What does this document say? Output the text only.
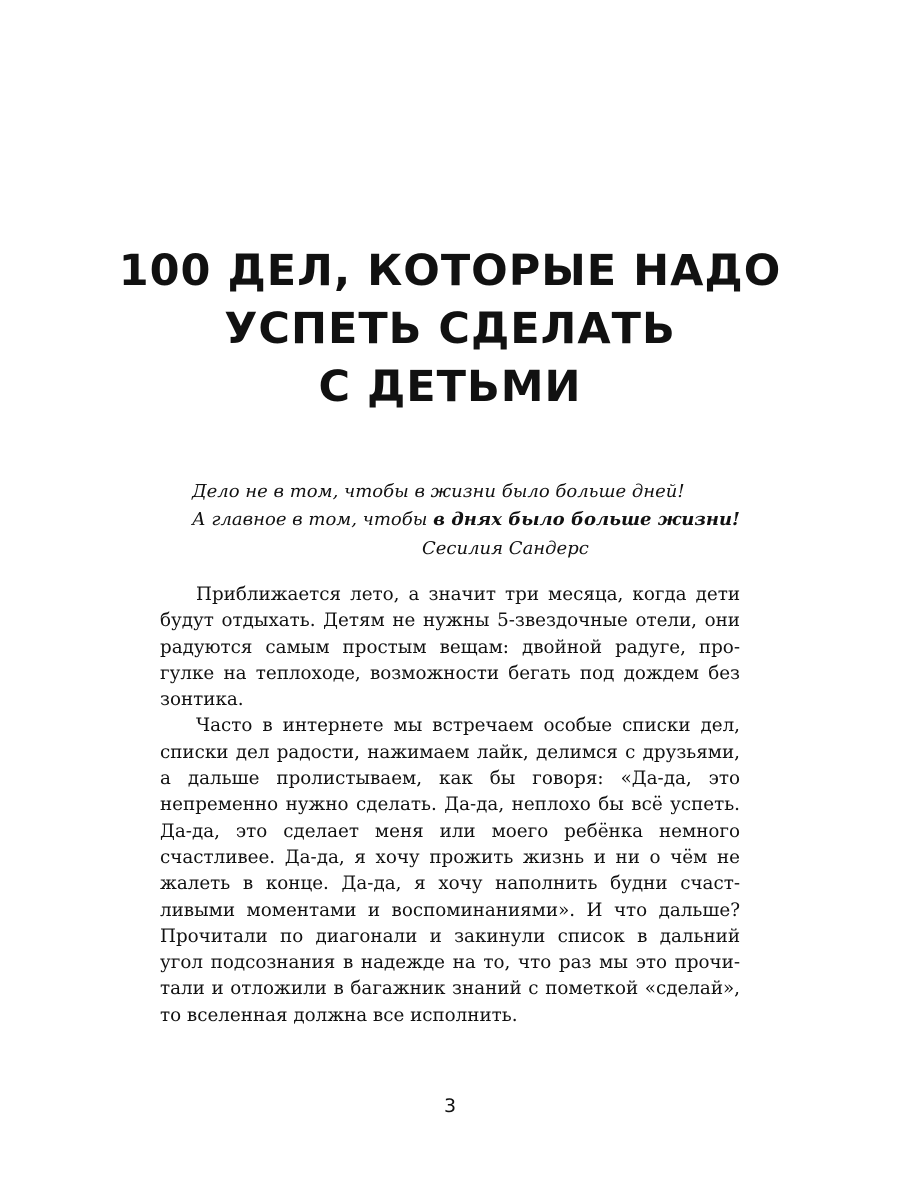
100 ДЕЛ, КОТОРЫЕ НАДО
УСПЕТЬ СДЕЛАТЬ
С ДЕТЬМИ
Дело не в том, чтобы в жизни было больше дней!
А главное в том, чтобы в днях было больше жизни!
Сесилия Сандерс

Приближается лето, а значит три месяца, когда дети будут отдыхать. Детям не нужны 5-звездочные отели, они радуются самым простым вещам: двойной радуге, прогулке на теплоходе, возможности бегать под дождем без зонтика.

Часто в интернете мы встречаем особые списки дел, списки дел радости, нажимаем лайк, делимся с друзьями, а дальше пролистываем, как бы говоря: «Да-да, это непременно нужно сделать. Да-да, неплохо бы всё успеть. Да-да, это сделает меня или моего ребёнка немного счастливее. Да-да, я хочу прожить жизнь и ни о чём не жалеть в конце. Да-да, я хочу наполнить будни счастливыми моментами и воспоминаниями». И что дальше? Прочитали по диагонали и закинули список в дальний угол подсознания в надежде на то, что раз мы это прочитали и отложили в багажник знаний с пометкой «сделай», то вселенная должна все исполнить.

3
